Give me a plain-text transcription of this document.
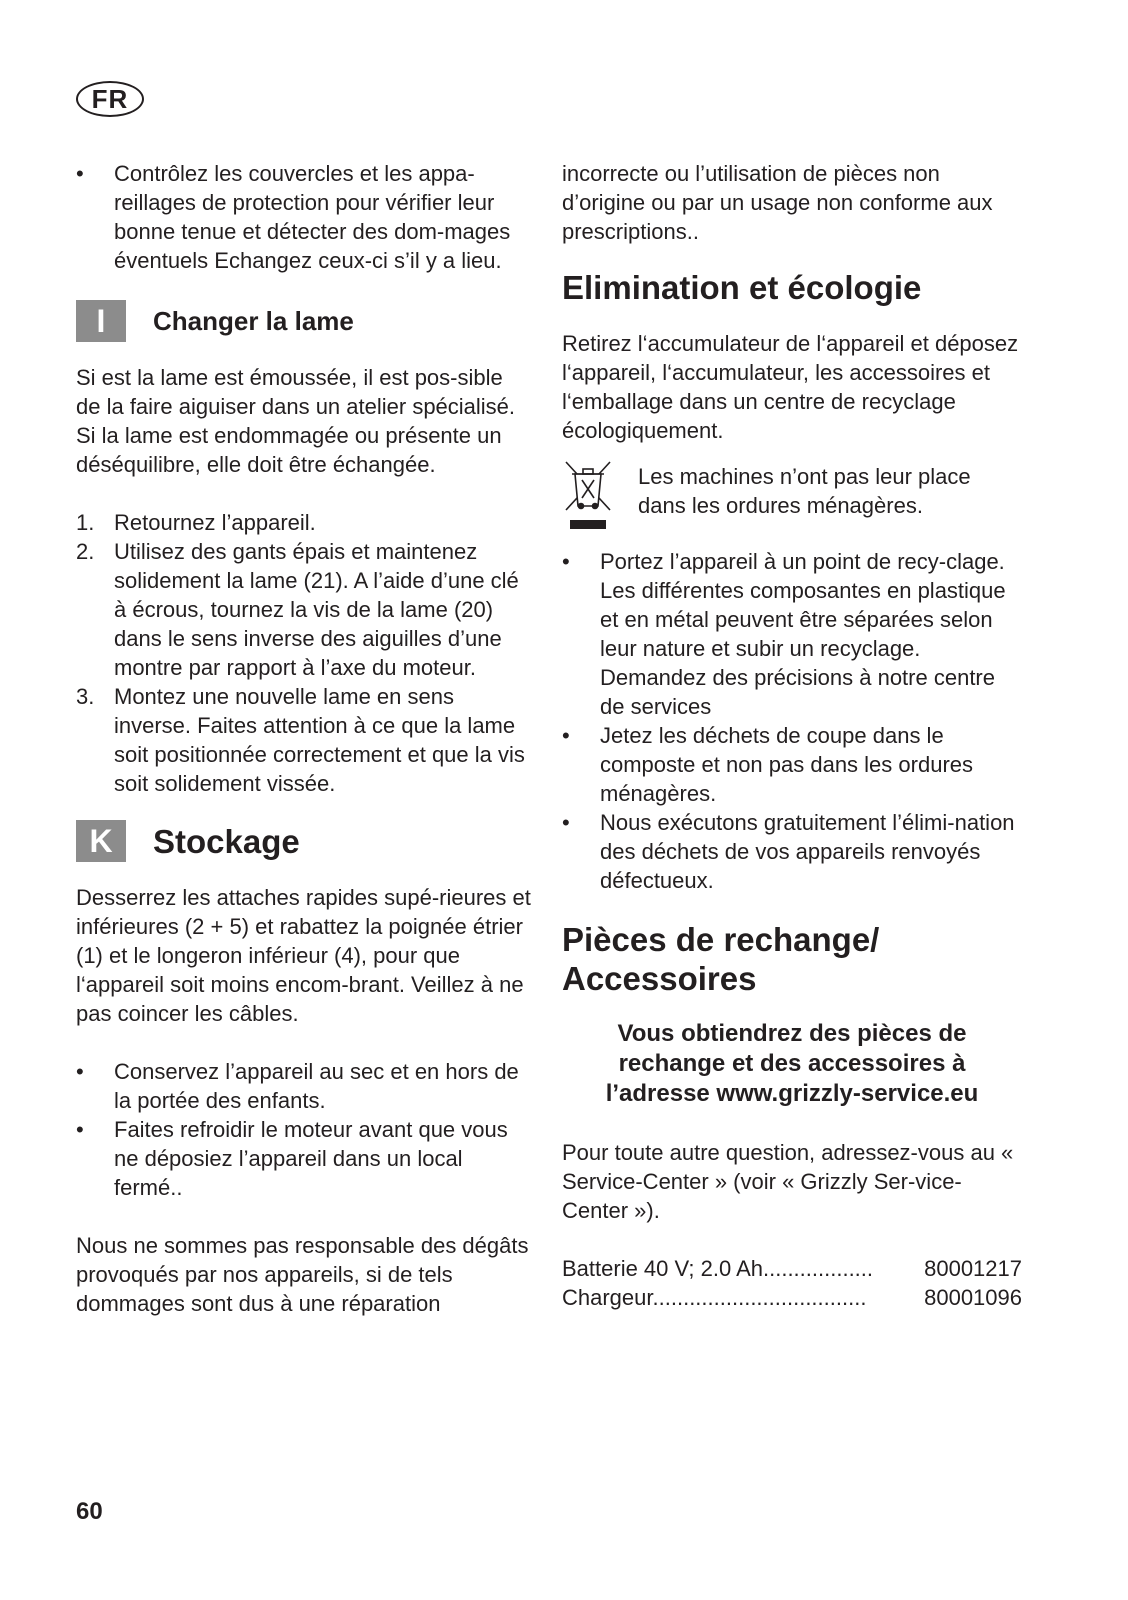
FR
• Contrôlez les couvercles et les appa-reillages de protection pour vérifier leur bonne tenue et détecter des dom-mages éventuels Echangez ceux-ci s’il y a lieu.
I	Changer la lame

Si est la lame est émoussée, il est pos-sible de la faire aiguiser dans un atelier spécialisé. Si la lame est endommagée ou présente un déséquilibre, elle doit être échangée.

1. Retournez l’appareil.
2. Utilisez des gants épais et maintenez solidement la lame (21). A l’aide d’une clé à écrous, tournez la vis de la lame (20) dans le sens inverse des aiguilles d’une montre par rapport à l’axe du moteur.
3. Montez une nouvelle lame en sens inverse. Faites attention à ce que la lame soit positionnée correctement et que la vis soit solidement vissée.
K	Stockage

Desserrez les attaches rapides supé-rieures et inférieures (2 + 5) et rabattez la poignée étrier (1) et le longeron inférieur (4), pour que l‘appareil soit moins encom-brant. Veillez à ne pas coincer les câbles.

• Conservez l’appareil au sec et en hors de la portée des enfants.
• Faites refroidir le moteur avant que vous ne déposiez l’appareil dans un local fermé..

Nous ne sommes pas responsable des dégâts provoqués par nos appareils, si de tels dommages sont dus à une réparation

incorrecte ou l’utilisation de pièces non d’origine ou par un usage non conforme aux prescriptions..

Elimination et écologie

Retirez l‘accumulateur de l‘appareil et déposez l‘appareil, l‘accumulateur, les accessoires et l‘emballage dans un centre de recyclage écologiquement.

Les machines n’ont pas leur place dans les ordures ménagères.

• Portez l’appareil à un point de recy-clage. Les différentes composantes en plastique et en métal peuvent être séparées selon leur nature et subir un recyclage. Demandez des précisions à notre centre de services
• Jetez les déchets de coupe dans le composte et non pas dans les ordures ménagères.
• Nous exécutons gratuitement l’élimi-nation des déchets de vos appareils renvoyés défectueux.
Pièces de rechange/
Accessoires
Vous obtiendrez des pièces de
rechange et des accessoires à
l’adresse www.grizzly-service.eu

Pour toute autre question, adressez-vous au « Service-Center » (voir « Grizzly Ser-vice-Center »).

Batterie 40 V; 2.0 Ah.................. 80001217
Chargeur...................................	80001096
60
